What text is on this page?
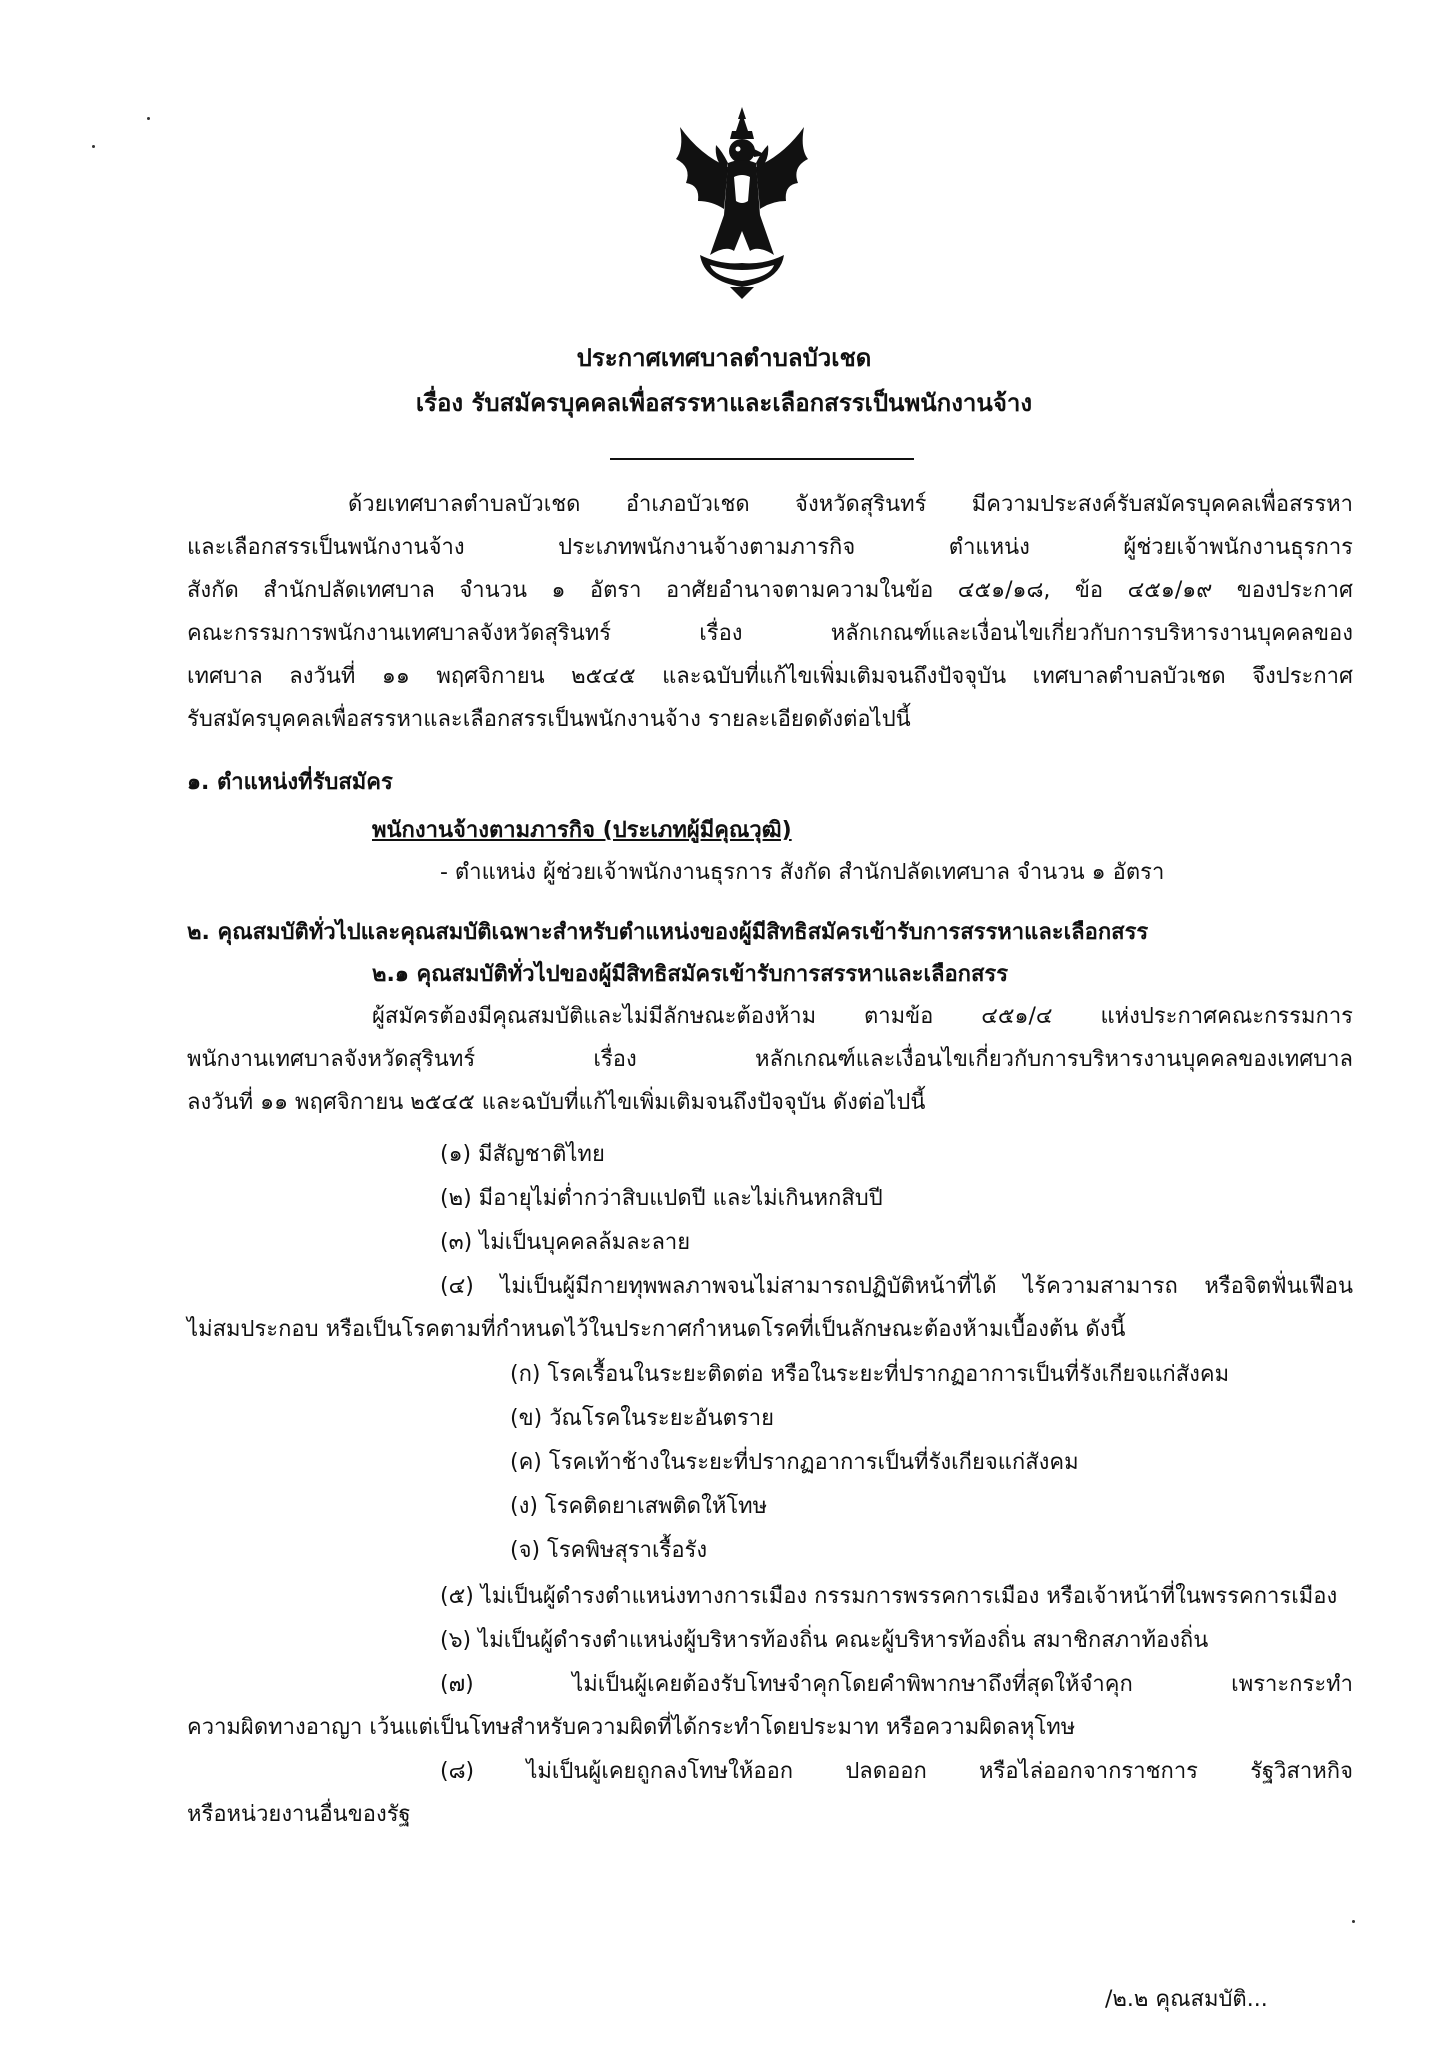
ประกาศเทศบาลตำบลบัวเชด
เรื่อง รับสมัครบุคคลเพื่อสรรหาและเลือกสรรเป็นพนักงานจ้าง
ด้วยเทศบาลตำบลบัวเชด อำเภอบัวเชด จังหวัดสุรินทร์ มีความประสงค์รับสมัครบุคคลเพื่อสรรหา
และเลือกสรรเป็นพนักงานจ้าง ประเภทพนักงานจ้างตามภารกิจ ตำแหน่ง ผู้ช่วยเจ้าพนักงานธุรการ
สังกัด สำนักปลัดเทศบาล จำนวน ๑ อัตรา อาศัยอำนาจตามความในข้อ ๔๕๑/๑๘, ข้อ ๔๕๑/๑๙ ของประกาศ
คณะกรรมการพนักงานเทศบาลจังหวัดสุรินทร์ เรื่อง หลักเกณฑ์และเงื่อนไขเกี่ยวกับการบริหารงานบุคคลของ
เทศบาล ลงวันที่ ๑๑ พฤศจิกายน ๒๕๔๕ และฉบับที่แก้ไขเพิ่มเติมจนถึงปัจจุบัน เทศบาลตำบลบัวเชด จึงประกาศ
รับสมัครบุคคลเพื่อสรรหาและเลือกสรรเป็นพนักงานจ้าง รายละเอียดดังต่อไปนี้
๑. ตำแหน่งที่รับสมัคร
พนักงานจ้างตามภารกิจ (ประเภทผู้มีคุณวุฒิ)
- ตำแหน่ง ผู้ช่วยเจ้าพนักงานธุรการ สังกัด สำนักปลัดเทศบาล จำนวน ๑ อัตรา
๒. คุณสมบัติทั่วไปและคุณสมบัติเฉพาะสำหรับตำแหน่งของผู้มีสิทธิสมัครเข้ารับการสรรหาและเลือกสรร
๒.๑ คุณสมบัติทั่วไปของผู้มีสิทธิสมัครเข้ารับการสรรหาและเลือกสรร
ผู้สมัครต้องมีคุณสมบัติและไม่มีลักษณะต้องห้าม ตามข้อ ๔๕๑/๔ แห่งประกาศคณะกรรมการ
พนักงานเทศบาลจังหวัดสุรินทร์ เรื่อง หลักเกณฑ์และเงื่อนไขเกี่ยวกับการบริหารงานบุคคลของเทศบาล
ลงวันที่ ๑๑ พฤศจิกายน ๒๕๔๕ และฉบับที่แก้ไขเพิ่มเติมจนถึงปัจจุบัน ดังต่อไปนี้
(๑) มีสัญชาติไทย
(๒) มีอายุไม่ต่ำกว่าสิบแปดปี และไม่เกินหกสิบปี
(๓) ไม่เป็นบุคคลล้มละลาย
(๔) ไม่เป็นผู้มีกายทุพพลภาพจนไม่สามารถปฏิบัติหน้าที่ได้ ไร้ความสามารถ หรือจิตฟั่นเฟือน
ไม่สมประกอบ หรือเป็นโรคตามที่กำหนดไว้ในประกาศกำหนดโรคที่เป็นลักษณะต้องห้ามเบื้องต้น ดังนี้
(ก) โรคเรื้อนในระยะติดต่อ หรือในระยะที่ปรากฏอาการเป็นที่รังเกียจแก่สังคม
(ข) วัณโรคในระยะอันตราย
(ค) โรคเท้าช้างในระยะที่ปรากฏอาการเป็นที่รังเกียจแก่สังคม
(ง) โรคติดยาเสพติดให้โทษ
(จ) โรคพิษสุราเรื้อรัง
(๕) ไม่เป็นผู้ดำรงตำแหน่งทางการเมือง กรรมการพรรคการเมือง หรือเจ้าหน้าที่ในพรรคการเมือง
(๖) ไม่เป็นผู้ดำรงตำแหน่งผู้บริหารท้องถิ่น คณะผู้บริหารท้องถิ่น สมาชิกสภาท้องถิ่น
(๗) ไม่เป็นผู้เคยต้องรับโทษจำคุกโดยคำพิพากษาถึงที่สุดให้จำคุก เพราะกระทำ
ความผิดทางอาญา เว้นแต่เป็นโทษสำหรับความผิดที่ได้กระทำโดยประมาท หรือความผิดลหุโทษ
(๘) ไม่เป็นผู้เคยถูกลงโทษให้ออก ปลดออก หรือไล่ออกจากราชการ รัฐวิสาหกิจ
หรือหน่วยงานอื่นของรัฐ
/๒.๒ คุณสมบัติ...
